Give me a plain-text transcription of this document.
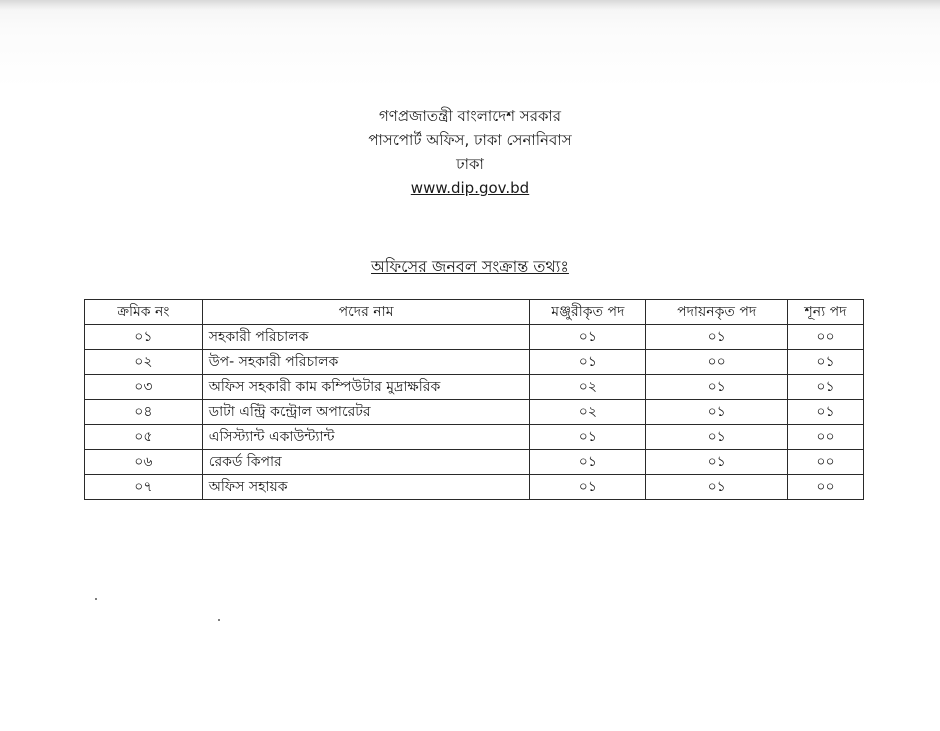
গণপ্রজাতন্ত্রী বাংলাদেশ সরকার
পাসপোর্ট অফিস, ঢাকা সেনানিবাস
ঢাকা
www.dip.gov.bd
অফিসের জনবল সংক্রান্ত তথ্যঃ
ক্রমিক নং	পদের নাম	মঞ্জুরীকৃত পদ	পদায়নকৃত পদ	শূন্য পদ
০১	সহকারী পরিচালক	০১	০১	০০
০২	উপ- সহকারী পরিচালক	০১	০০	০১
০৩	অফিস সহকারী কাম কম্পিউটার মুদ্রাক্ষরিক	০২	০১	০১
০৪	ডাটা এন্ট্রি কন্ট্রোল অপারেটর	০২	০১	০১
০৫	এসিস্ট্যান্ট একাউন্ট্যান্ট	০১	০১	০০
০৬	রেকর্ড কিপার	০১	০১	০০
০৭	অফিস সহায়ক	০১	০১	০০
